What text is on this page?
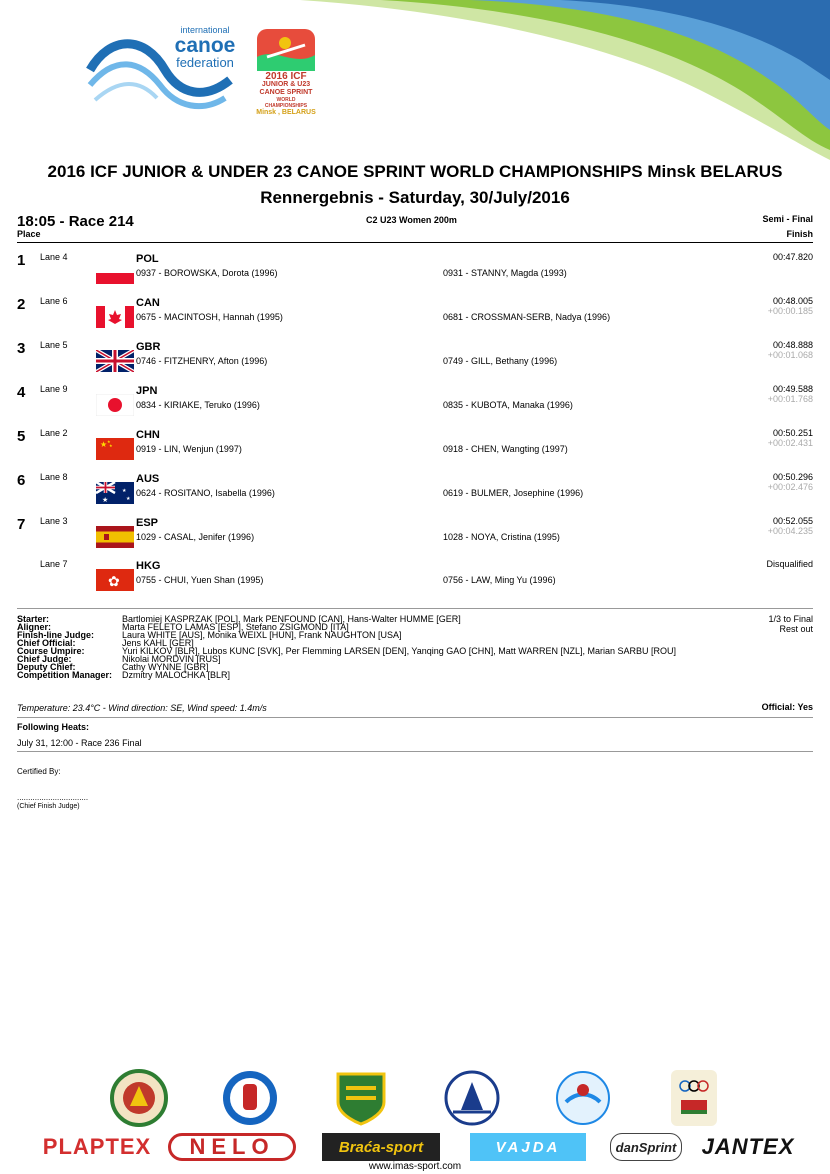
international
canoe
federation
2016 ICF
JUNIOR & U23
CANOE SPRINT
WORLD CHAMPIONSHIPS
Minsk , BELARUS
2016 ICF JUNIOR & UNDER 23 CANOE SPRINT WORLD CHAMPIONSHIPS Minsk BELARUS
Rennergebnis - Saturday, 30/July/2016
18:05 - Race 214
Place
C2 U23 Women 200m	Semi - Final
Finish
1 Lane 4	POL
0937 - BOROWSKA, Dorota (1996)	0931 - STANNY, Magda (1993)
00:47.820
2 Lane 6	CAN
0675 - MACINTOSH, Hannah (1995)	0681 - CROSSMAN-SERB, Nadya (1996)
00:48.005
+00:00.185
3 Lane 5	GBR
0746 - FITZHENRY, Afton (1996)	0749 - GILL, Bethany (1996)
00:48.888
+00:01.068
4 Lane 9	JPN
0834 - KIRIAKE, Teruko (1996)	0835 - KUBOTA, Manaka (1996)
00:49.588
+00:01.768
5 Lane 2
★ ★
★
CHN
0919 - LIN, Wenjun (1997)	0918 - CHEN, Wangting (1997)
00:50.251
+00:02.431
6 Lane 8
★
★
★
AUS
0624 - ROSITANO, Isabella (1996)	0619 - BULMER, Josephine (1996)
00:50.296
+00:02.476
7 Lane 3	ESP
1029 - CASAL, Jenifer (1996)	1028 - NOYA, Cristina (1995)
00:52.055
+00:04.235
Lane 7
✿
HKG
0755 - CHUI, Yuen Shan (1995)	0756 - LAW, Ming Yu (1996)
Disqualified
Starter:	Bartlomiej KASPRZAK [POL], Mark PENFOUND [CAN], Hans-Walter HUMME [GER]
Aligner:	Marta FELETO LAMAS [ESP], Stefano ZSIGMOND [ITA]
Finish-line Judge:	Laura WHITE [AUS], Monika WEIXL [HUN], Frank NAUGHTON [USA]
Chief Official:	Jens KAHL [GER]
Course Umpire:	Yuri KILKOV [BLR], Lubos KUNC [SVK], Per Flemming LARSEN [DEN], Yanqing GAO [CHN], Matt WARREN [NZL], Marian SARBU [ROU]
Chief Judge:	Nikolai MORDVIN [RUS]
Deputy Chief:	Cathy WYNNE [GBR]
Competition Manager: Dzmitry MALOCHKA [BLR]
1/3 to Final
Rest out
Temperature: 23.4°C - Wind direction: SE, Wind speed: 1.4m/s	Official: Yes
Following Heats:
July 31, 12:00 - Race 236 Final
Certified By:
................................
(Chief Finish Judge)
PLAPTEX	NELO	Braća-sport	VAJDA	danSprint JANTEX
www.imas-sport.com
